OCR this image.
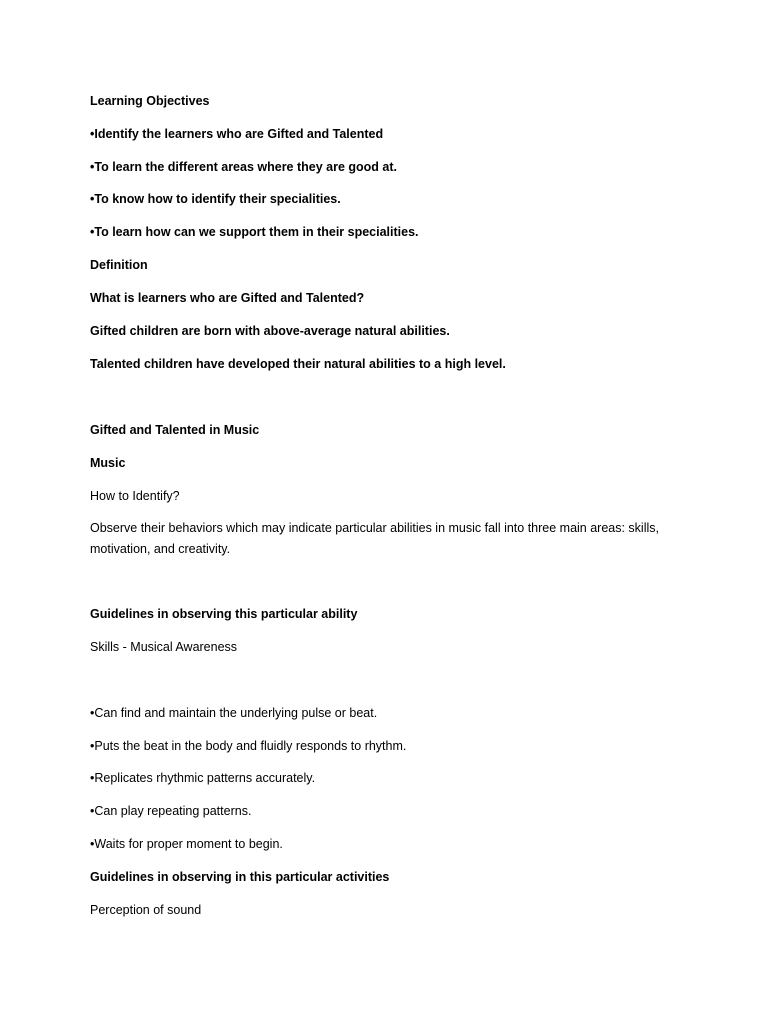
Learning Objectives
•Identify the learners who are Gifted and Talented
•To learn the different areas where they are good at.
•To know how to identify their specialities.
•To learn how can we support them in their specialities.
Definition
What is learners who are Gifted and Talented?
Gifted children are born with above-average natural abilities.
Talented children have developed their natural abilities to a high level.
Gifted and Talented in Music
Music
How to Identify?
Observe their behaviors which may indicate particular abilities in music fall into three main areas: skills, motivation, and creativity.
Guidelines in observing this particular ability
Skills - Musical Awareness
•Can find and maintain the underlying pulse or beat.
•Puts the beat in the body and fluidly responds to rhythm.
•Replicates rhythmic patterns accurately.
•Can play repeating patterns.
•Waits for proper moment to begin.
Guidelines in observing in this particular activities
Perception of sound
